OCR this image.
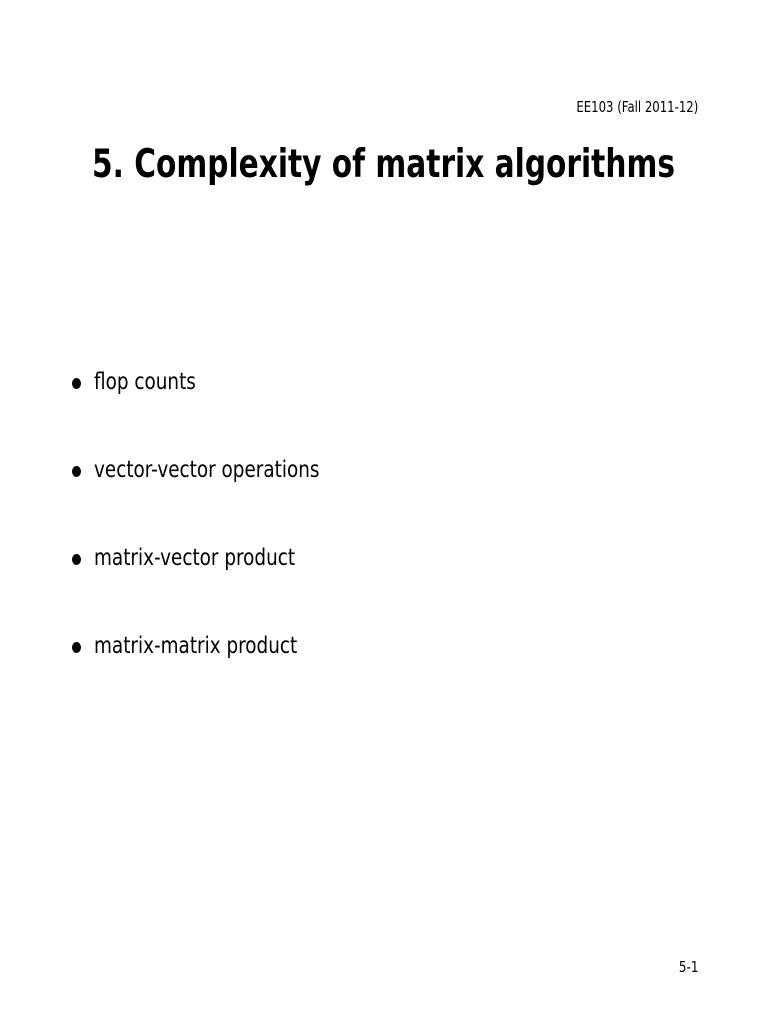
EE103 (Fall 2011-12)
5. Complexity of matrix algorithms
flop counts
vector-vector operations
matrix-vector product
matrix-matrix product
5-1
